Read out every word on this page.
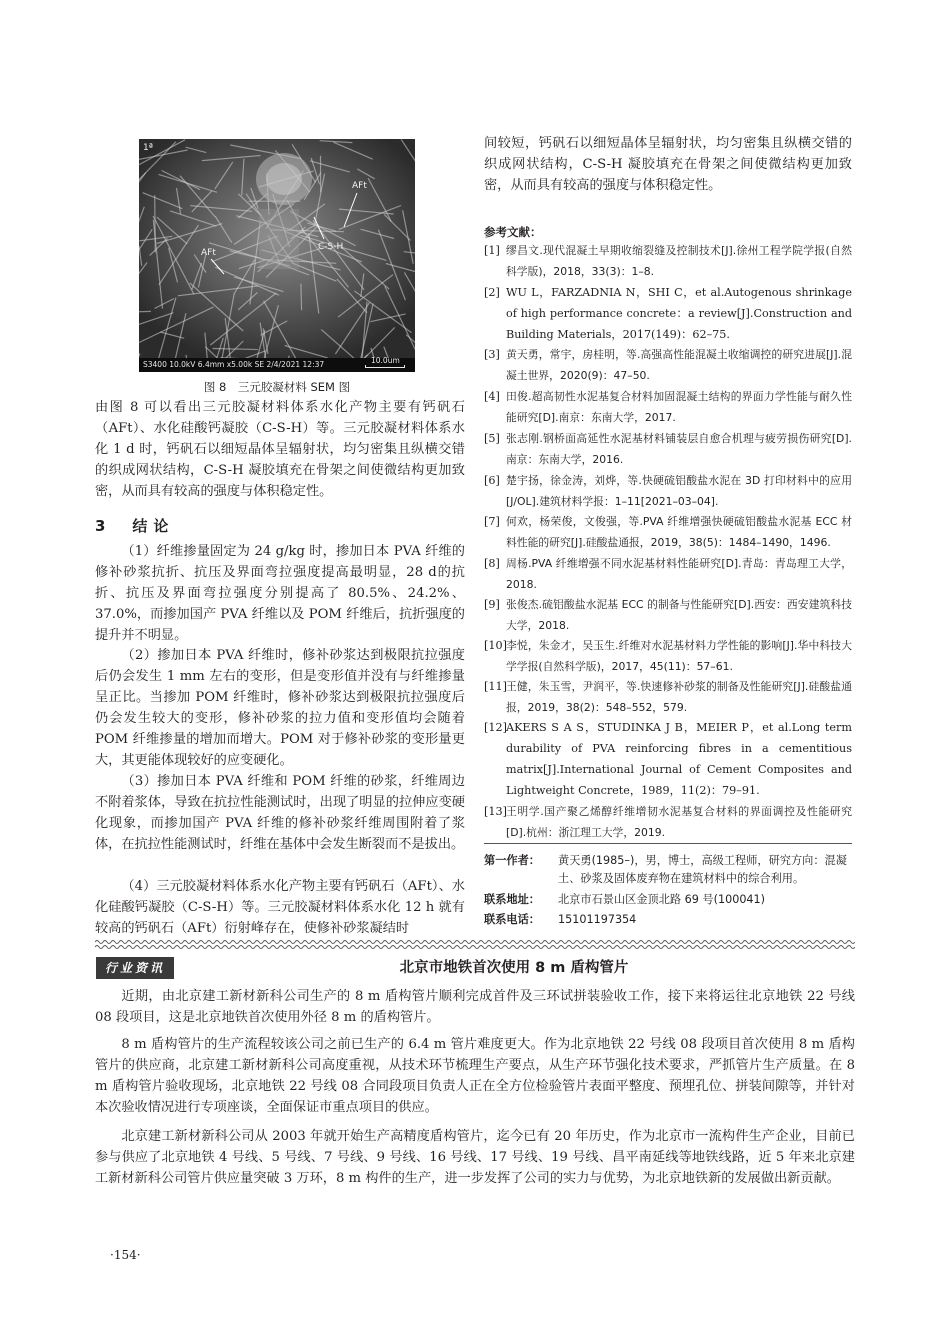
1ª
AFt
C-S-H
AFt
S3400 10.0kV 6.4mm x5.00k SE 2/4/2021 12:37	10.0um
图 8　三元胶凝材料 SEM 图
由图 8 可以看出三元胶凝材料体系水化产物主要有钙矾石（AFt）、水化硅酸钙凝胶（C-S-H）等。三元胶凝材料体系水化 1 d 时，钙矾石以细短晶体呈辐射状，均匀密集且纵横交错的织成网状结构，C-S-H 凝胶填充在骨架之间使微结构更加致密，从而具有较高的强度与体积稳定性。
3　结论
（1）纤维掺量固定为 24 g/kg 时，掺加日本 PVA 纤维的修补砂浆抗折、抗压及界面弯拉强度提高最明显，28 d的抗折、抗压及界面弯拉强度分别提高了 80.5%、24.2%、37.0%，而掺加国产 PVA 纤维以及 POM 纤维后，抗折强度的提升并不明显。
（2）掺加日本 PVA 纤维时，修补砂浆达到极限抗拉强度后仍会发生 1 mm 左右的变形，但是变形值并没有与纤维掺量呈正比。当掺加 POM 纤维时，修补砂浆达到极限抗拉强度后仍会发生较大的变形，修补砂浆的拉力值和变形值均会随着 POM 纤维掺量的增加而增大。POM 对于修补砂浆的变形量更大，其更能体现较好的应变硬化。
（3）掺加日本 PVA 纤维和 POM 纤维的砂浆，纤维周边不附着浆体，导致在抗拉性能测试时，出现了明显的拉伸应变硬化现象，而掺加国产 PVA 纤维的修补砂浆纤维周围附着了浆体，在抗拉性能测试时，纤维在基体中会发生断裂而不是拔出。
（4）三元胶凝材料体系水化产物主要有钙矾石（AFt）、水化硅酸钙凝胶（C-S-H）等。三元胶凝材料体系水化 12 h 就有较高的钙矾石（AFt）衍射峰存在，使修补砂浆凝结时
间较短，钙矾石以细短晶体呈辐射状，均匀密集且纵横交错的织成网状结构，C-S-H 凝胶填充在骨架之间使微结构更加致密，从而具有较高的强度与体积稳定性。
参考文献：
[1] 缪昌文.现代混凝土早期收缩裂缝及控制技术[J].徐州工程学院学报(自然科学版)，2018，33(3)：1–8.
[2] WU L，FARZADNIA N，SHI C，et al.Autogenous shrinkage of high performance concrete：a review[J].Construction and Building Materials，2017(149)：62–75.
[3] 黄天勇，常宇，房桂明，等.高强高性能混凝土收缩调控的研究进展[J].混凝土世界，2020(9)：47–50.
[4] 田俊.超高韧性水泥基复合材料加固混凝土结构的界面力学性能与耐久性能研究[D].南京：东南大学，2017.
[5] 张志刚.钢桥面高延性水泥基材料铺装层自愈合机理与疲劳损伤研究[D].南京：东南大学，2016.
[6] 楚宇扬，徐金涛，刘烨，等.快硬硫铝酸盐水泥在 3D 打印材料中的应用[J/OL].建筑材料学报：1–11[2021–03–04].
[7] 何欢，杨荣俊，文俊强，等.PVA 纤维增强快硬硫铝酸盐水泥基 ECC 材料性能的研究[J].硅酸盐通报，2019，38(5)：1484–1490，1496.
[8] 周杨.PVA 纤维增强不同水泥基材料性能研究[D].青岛：青岛理工大学，2018.
[9] 张俊杰.硫铝酸盐水泥基 ECC 的制备与性能研究[D].西安：西安建筑科技大学，2018.
[10] 李悦，朱金才，吴玉生.纤维对水泥基材料力学性能的影响[J].华中科技大学学报(自然科学版)，2017，45(11)：57–61.
[11] 王健，朱玉雪，尹润平，等.快速修补砂浆的制备及性能研究[J].硅酸盐通报，2019，38(2)：548–552，579.
[12] AKERS S A S，STUDINKA J B，MEIER P，et al.Long term durability of PVA reinforcing fibres in a cementitious matrix[J].International Journal of Cement Composites and Lightweight Concrete，1989，11(2)：79–91.
[13] 王明学.国产聚乙烯醇纤维增韧水泥基复合材料的界面调控及性能研究[D].杭州：浙江理工大学，2019.
第一作者：	黄天勇(1985–)，男，博士，高级工程师，研究方向：混凝土、砂浆及固体废弃物在建筑材料中的综合利用。
联系地址：	北京市石景山区金顶北路 69 号(100041)
联系电话：	15101197354
行业资讯	北京市地铁首次使用 8 m 盾构管片
近期，由北京建工新材新科公司生产的 8 m 盾构管片顺利完成首件及三环试拼装验收工作，接下来将运往北京地铁 22 号线 08 段项目，这是北京地铁首次使用外径 8 m 的盾构管片。
8 m 盾构管片的生产流程较该公司之前已生产的 6.4 m 管片难度更大。作为北京地铁 22 号线 08 段项目首次使用 8 m 盾构管片的供应商，北京建工新材新科公司高度重视，从技术环节梳理生产要点，从生产环节强化技术要求，严抓管片生产质量。在 8 m 盾构管片验收现场，北京地铁 22 号线 08 合同段项目负责人正在全方位检验管片表面平整度、预埋孔位、拼装间隙等，并针对本次验收情况进行专项座谈，全面保证市重点项目的供应。
北京建工新材新科公司从 2003 年就开始生产高精度盾构管片，迄今已有 20 年历史，作为北京市一流构件生产企业，目前已参与供应了北京地铁 4 号线、5 号线、7 号线、9 号线、16 号线、17 号线、19 号线、昌平南延线等地铁线路，近 5 年来北京建工新材新科公司管片供应量突破 3 万环，8 m 构件的生产，进一步发挥了公司的实力与优势，为北京地铁新的发展做出新贡献。
·154·
